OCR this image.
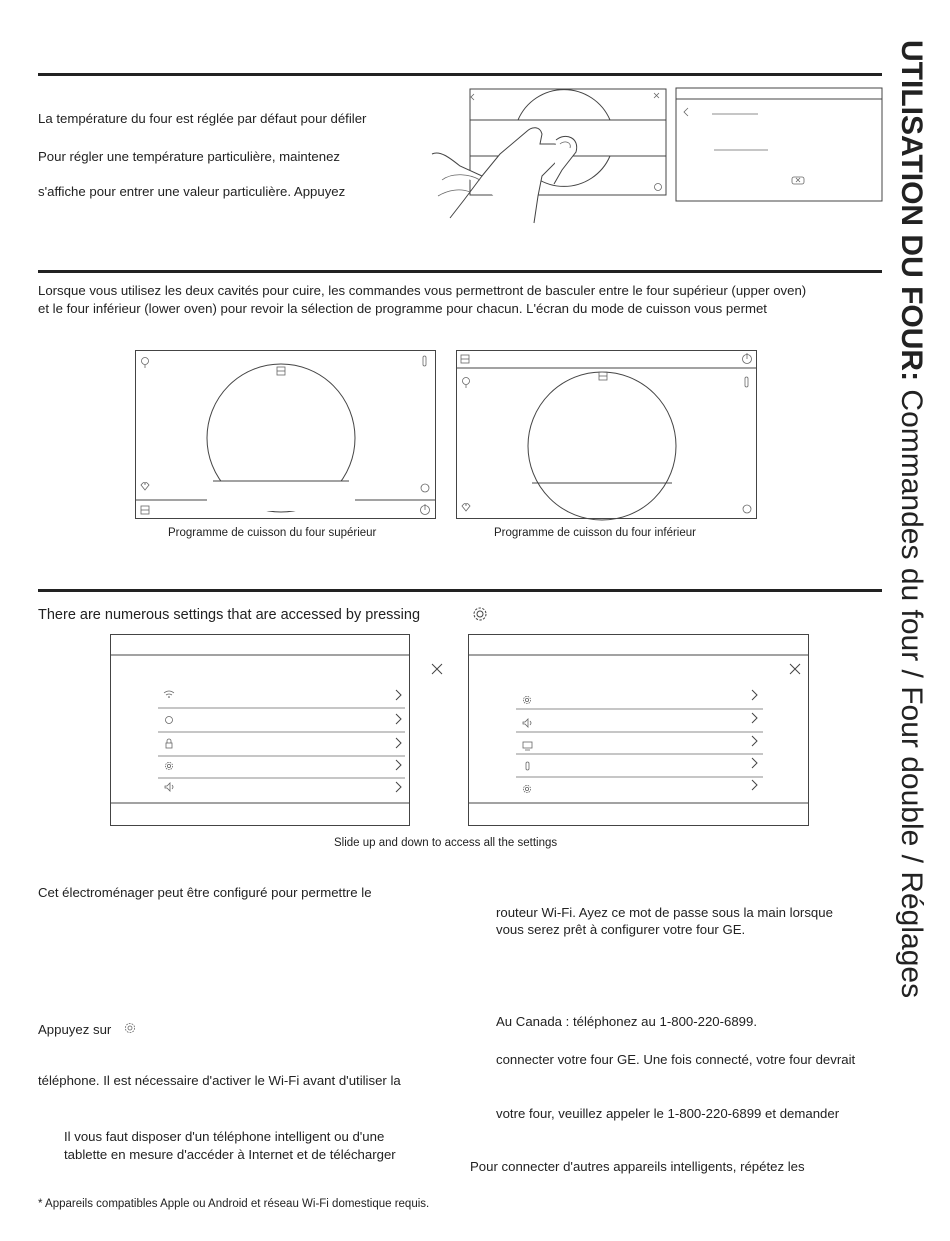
UTILISATION DU FOUR: Commandes du four / Four double / Réglages
La température du four est réglée par défaut pour défiler
Pour régler une température particulière, maintenez
s'affiche pour entrer une valeur particulière. Appuyez
Lorsque vous utilisez les deux cavités pour cuire, les commandes vous permettront de basculer entre le four supérieur (upper oven)
et le four inférieur (lower oven) pour revoir la sélection de programme pour chacun. L'écran du mode de cuisson vous permet
Programme de cuisson du four supérieur	Programme de cuisson du four inférieur
There are numerous settings that are accessed by pressing
Slide up and down to access all the settings
Cet électroménager peut être configuré pour permettre le
routeur Wi-Fi. Ayez ce mot de passe sous la main lorsque
vous serez prêt à configurer votre four GE.
Appuyez sur
Au Canada : téléphonez au 1-800-220-6899.
connecter votre four GE. Une fois connecté, votre four devrait
téléphone. Il est nécessaire d'activer le Wi-Fi avant d'utiliser la
votre four, veuillez appeler le 1-800-220-6899 et demander
Il vous faut disposer d'un téléphone intelligent ou d'une
tablette en mesure d'accéder à Internet et de télécharger
Pour connecter d'autres appareils intelligents, répétez les
* Appareils compatibles Apple ou Android et réseau Wi-Fi domestique requis.
